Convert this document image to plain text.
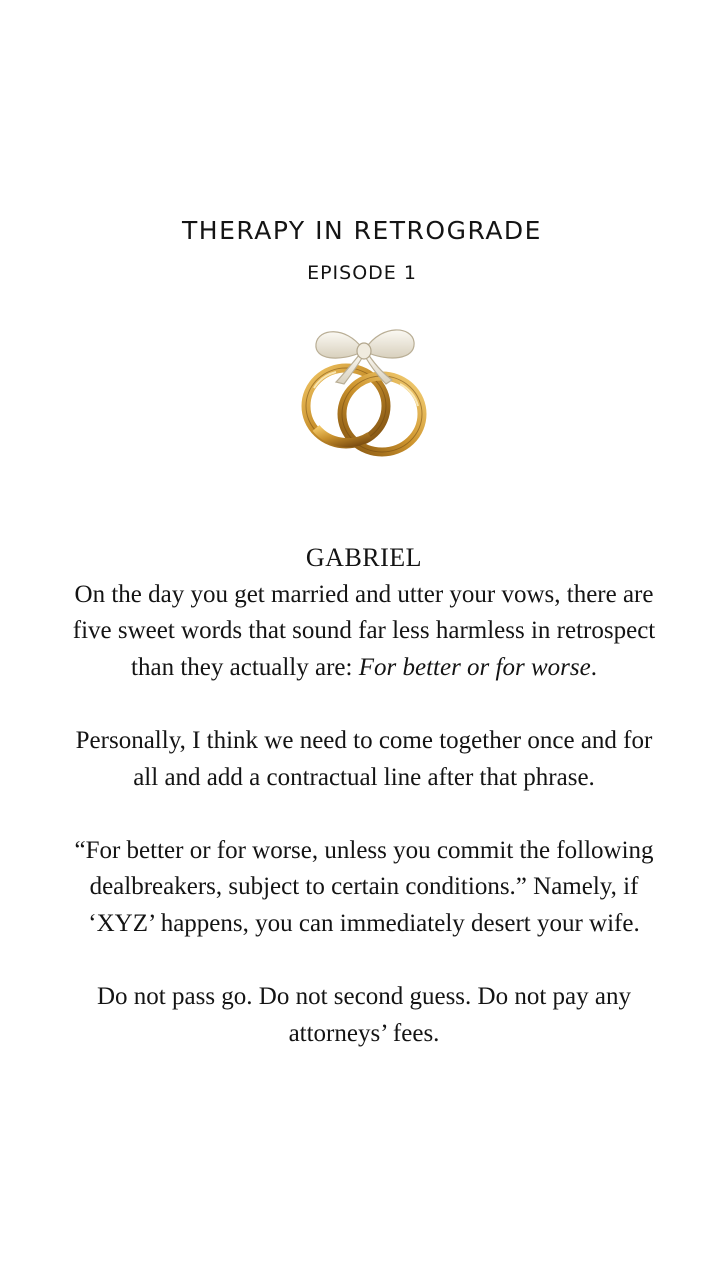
THERAPY IN RETROGRADE
EPISODE 1

GABRIEL

On the day you get married and utter your vows, there are five sweet words that sound far less harmless in retrospect than they actually are: For better or for worse.

Personally, I think we need to come together once and for all and add a contractual line after that phrase.

“For better or for worse, unless you commit the following dealbreakers, subject to certain conditions.” Namely, if ‘XYZ’ happens, you can immediately desert your wife.

Do not pass go. Do not second guess. Do not pay any attorneys’ fees.
